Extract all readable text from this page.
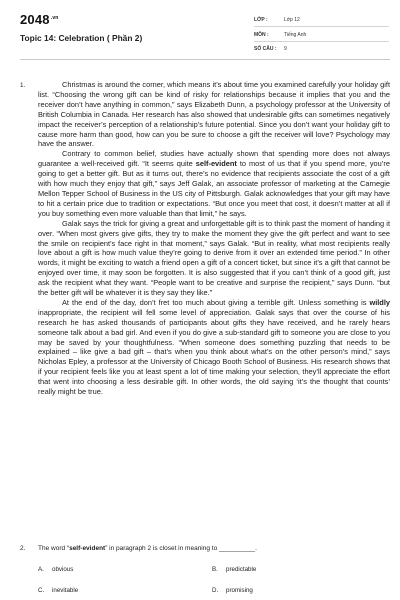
$2048^{.vn}$
Topic 14: Celebration ( Phần 2)
LỚP :	Lớp 12
MÔN :	Tiếng Anh
SỐ CÂU : 9
1.	Christmas is around the corner, which means it’s about time you examined carefully your holiday gift list. “Choosing the wrong gift can be kind of risky for relationships because it implies that you and the receiver don’t have anything in common,” says Elizabeth Dunn, a psychology professor at the University of British Columbia in Canada. Her research has also showed that undesirable gifts can sometimes negatively impact the receiver’s perception of a relationship’s future potential. Since you don’t want your holiday gift to cause more harm than good, how can you be sure to choose a gift the receiver will love? Psychology may have the answer.

Contrary to common belief, studies have actually shown that spending more does not always guarantee a well-received gift. “It seems quite self-evident to most of us that if you spend more, you’re going to get a better gift. But as it turns out, there’s no evidence that recipients associate the cost of a gift with how much they enjoy that gift,” says Jeff Galak, an associate professor of marketing at the Carnegie Mellon Tepper School of Business in the US city of Pittsburgh. Galak acknowledges that your gift may have to hit a certain price due to tradition or expectations. “But once you meet that cost, it doesn’t matter at all if you buy something even more valuable than that limit,” he says.

Galak says the trick for giving a great and unforgettable gift is to think past the moment of handing it over. “When most givers give gifts, they try to make the moment they give the gift perfect and want to see the smile on recipient’s face right in that moment,” says Galak. “But in reality, what most recipients really love about a gift is how much value they’re going to derive from it over an extended time period.” In other words, it might be exciting to watch a friend open a gift of a concert ticket, but since it’s a gift that cannot be enjoyed over time, it may soon be forgotten. It is also suggested that if you can’t think of a good gift, just ask the recipient what they want. “People want to be creative and surprise the recipient,” says Dunn. “but the better gift will be whatever it is they say they like.”

At the end of the day, don’t fret too much about giving a terrible gift. Unless something is wildly inappropriate, the recipient will fell some level of appreciation. Galak says that over the course of his research he has asked thousands of participants about gifts they have received, and he rarely hears someone talk about a bad girl. And even if you do give a sub-standard gift to someone you are close to you may be saved by your thoughtfulness. “When someone does something puzzling that needs to be explained – like give a bad gift – that’s when you think about what’s on the other person’s mind,” says Nicholas Epley, a professor at the University of Chicago Booth School of Business. His research shows that if your recipient feels like you at least spent a lot of time making your selection, they’ll appreciate the effort that went into choosing a less desirable gift. In other words, the old saying ‘it’s the thought that counts’ really might be true.

2. The word “self-evident” in paragraph 2 is closet in meaning to __________.
A. obvious	B. predictable
C. inevitable	D. promising
